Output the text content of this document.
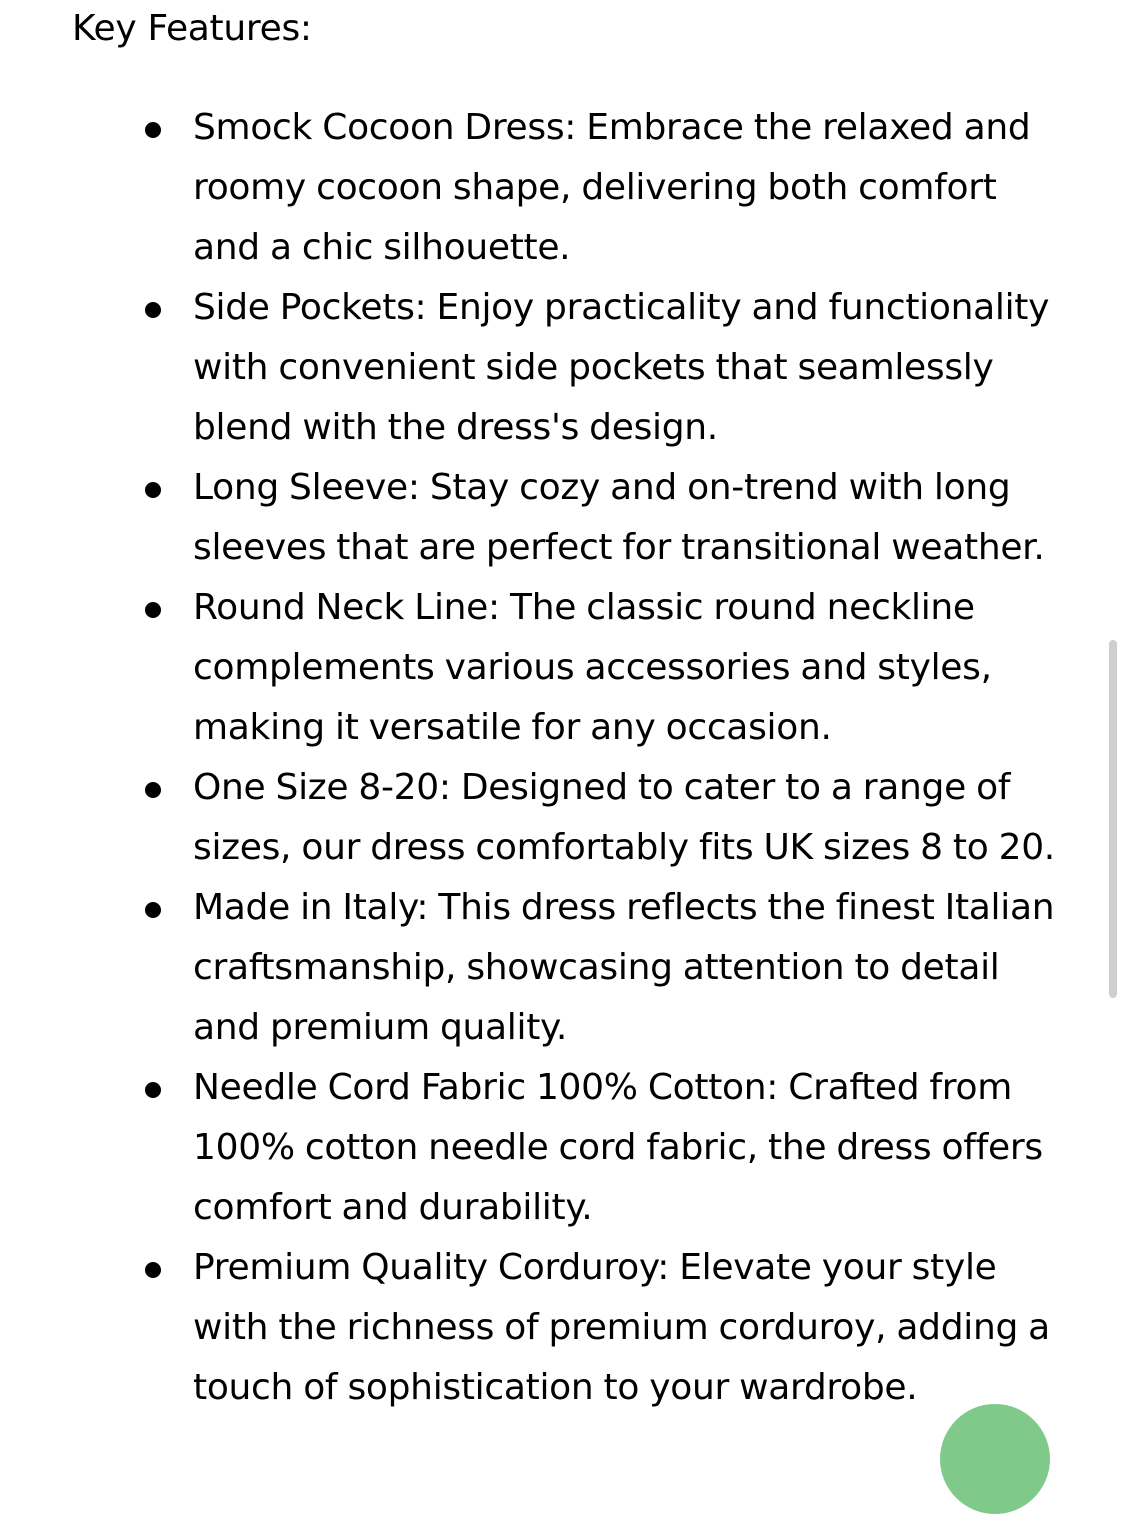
Key Features:
Smock Cocoon Dress: Embrace the relaxed and roomy cocoon shape, delivering both comfort and a chic silhouette.
Side Pockets: Enjoy practicality and functionality with convenient side pockets that seamlessly blend with the dress's design.
Long Sleeve: Stay cozy and on-trend with long sleeves that are perfect for transitional weather.
Round Neck Line: The classic round neckline complements various accessories and styles, making it versatile for any occasion.
One Size 8-20: Designed to cater to a range of sizes, our dress comfortably fits UK sizes 8 to 20.
Made in Italy: This dress reflects the finest Italian craftsmanship, showcasing attention to detail and premium quality.
Needle Cord Fabric 100% Cotton: Crafted from 100% cotton needle cord fabric, the dress offers comfort and durability.
Premium Quality Corduroy: Elevate your style with the richness of premium corduroy, adding a touch of sophistication to your wardrobe.
